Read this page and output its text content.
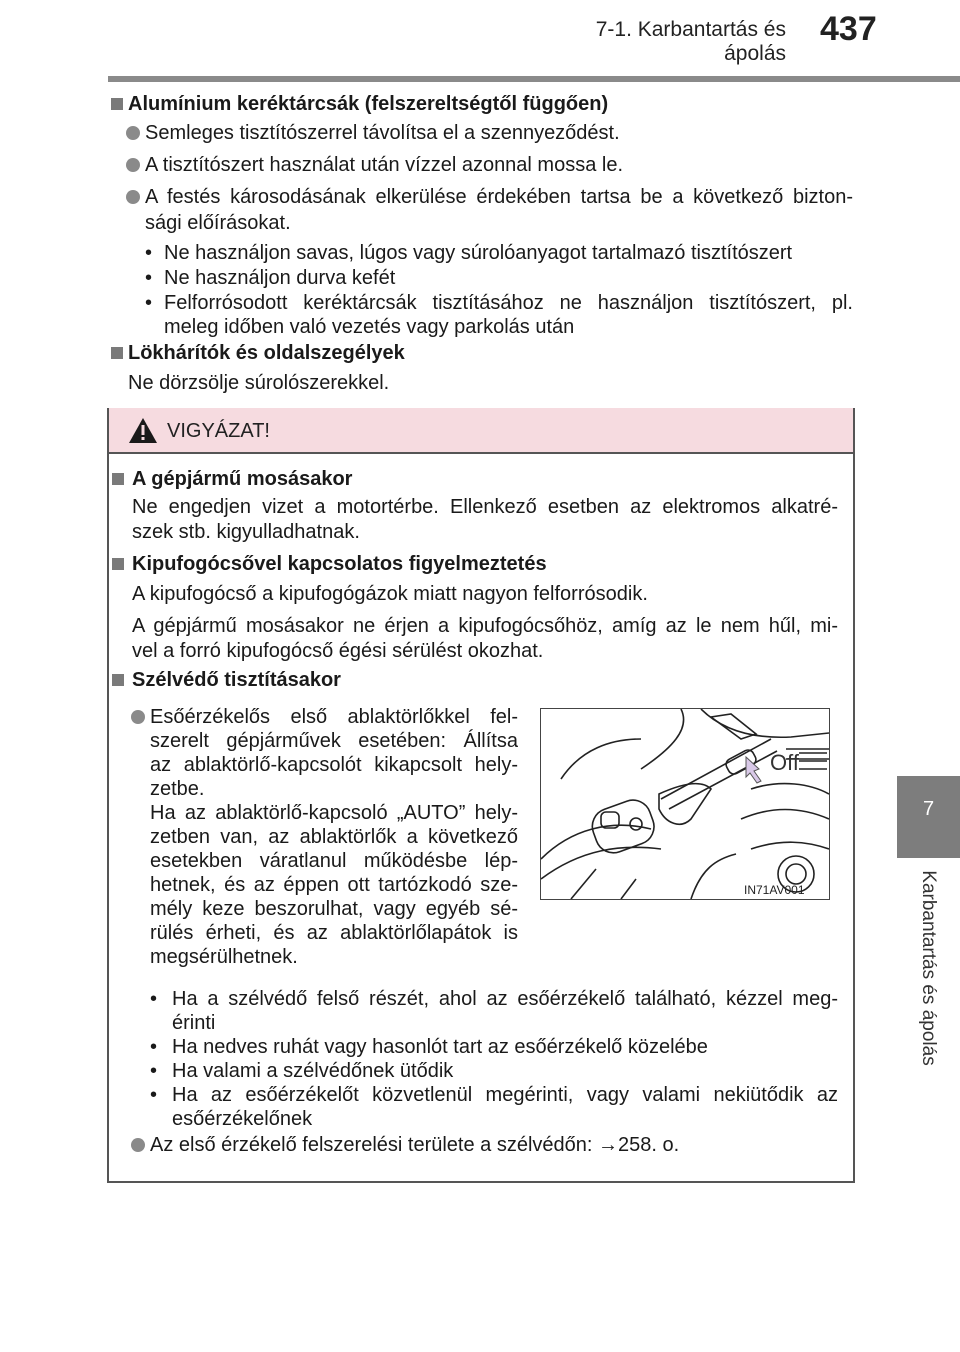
7-1. Karbantartás és ápolás
437
7
Karbantartás és ápolás
Alumínium keréktárcsák (felszereltségtől függően)
Semleges tisztítószerrel távolítsa el a szennyeződést.
A tisztítószert használat után vízzel azonnal mossa le.
A festés károsodásának elkerülése érdekében tartsa be a következő bizton-
sági előírásokat.
• Ne használjon savas, lúgos vagy súrolóanyagot tartalmazó tisztítószert
• Ne használjon durva kefét
• Felforrósodott keréktárcsák tisztításához ne használjon tisztítószert, pl.
meleg időben való vezetés vagy parkolás után
Lökhárítók és oldalszegélyek
Ne dörzsölje súrolószerekkel.
VIGYÁZAT!
A gépjármű mosásakor
Ne engedjen vizet a motortérbe. Ellenkező esetben az elektromos alkatré-
szek stb. kigyulladhatnak.
Kipufogócsővel kapcsolatos figyelmeztetés
A kipufogócső a kipufogógázok miatt nagyon felforrósodik.
A gépjármű mosásakor ne érjen a kipufogócsőhöz, amíg az le nem hűl, mi-
vel a forró kipufogócső égési sérülést okozhat.
Szélvédő tisztításakor
Esőérzékelős első ablaktörlőkkel fel-
szerelt gépjárművek esetében: Állítsa
az ablaktörlő-kapcsolót kikapcsolt hely-
zetbe.
Ha az ablaktörlő-kapcsoló „AUTO” hely-
zetben van, az ablaktörlők a következő
esetekben váratlanul működésbe lép-
hetnek, és az éppen ott tartózkodó sze-
mély keze beszorulhat, vagy egyéb sé-
rülés érheti, és az ablaktörlőlapátok is
megsérülhetnek.
Off
IN71AV001
• Ha a szélvédő felső részét, ahol az esőérzékelő található, kézzel meg-
érinti
• Ha nedves ruhát vagy hasonlót tart az esőérzékelő közelébe
• Ha valami a szélvédőnek ütődik
• Ha az esőérzékelőt közvetlenül megérinti, vagy valami nekiütődik az
esőérzékelőnek
Az első érzékelő felszerelési területe a szélvédőn: →258. o.
